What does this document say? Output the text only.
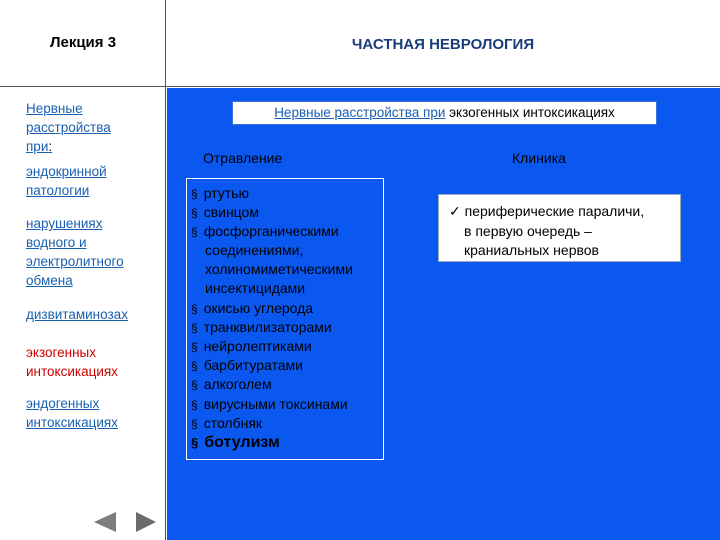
Лекция 3	ЧАСТНАЯ НЕВРОЛОГИЯ
Нервные
расстройства
при:
эндокринной
патологии
нарушениях
водного и
электролитного
обмена
дизвитаминозах
экзогенных
интоксикациях
эндогенных
интоксикациях
Нервные расстройства при экзогенных интоксикациях
Отравление	Клиника
§ ртутью
§ свинцом
§ фосфорганическими
соединениями,
холиномиметическими
инсектицидами
§ окисью углерода
§ транквилизаторами
§ нейролептиками
§ барбитуратами
§ алкоголем
§ вирусными токсинами
§ столбняк
§ ботулизм
✓ периферические параличи,
в первую очередь –
краниальных нервов
